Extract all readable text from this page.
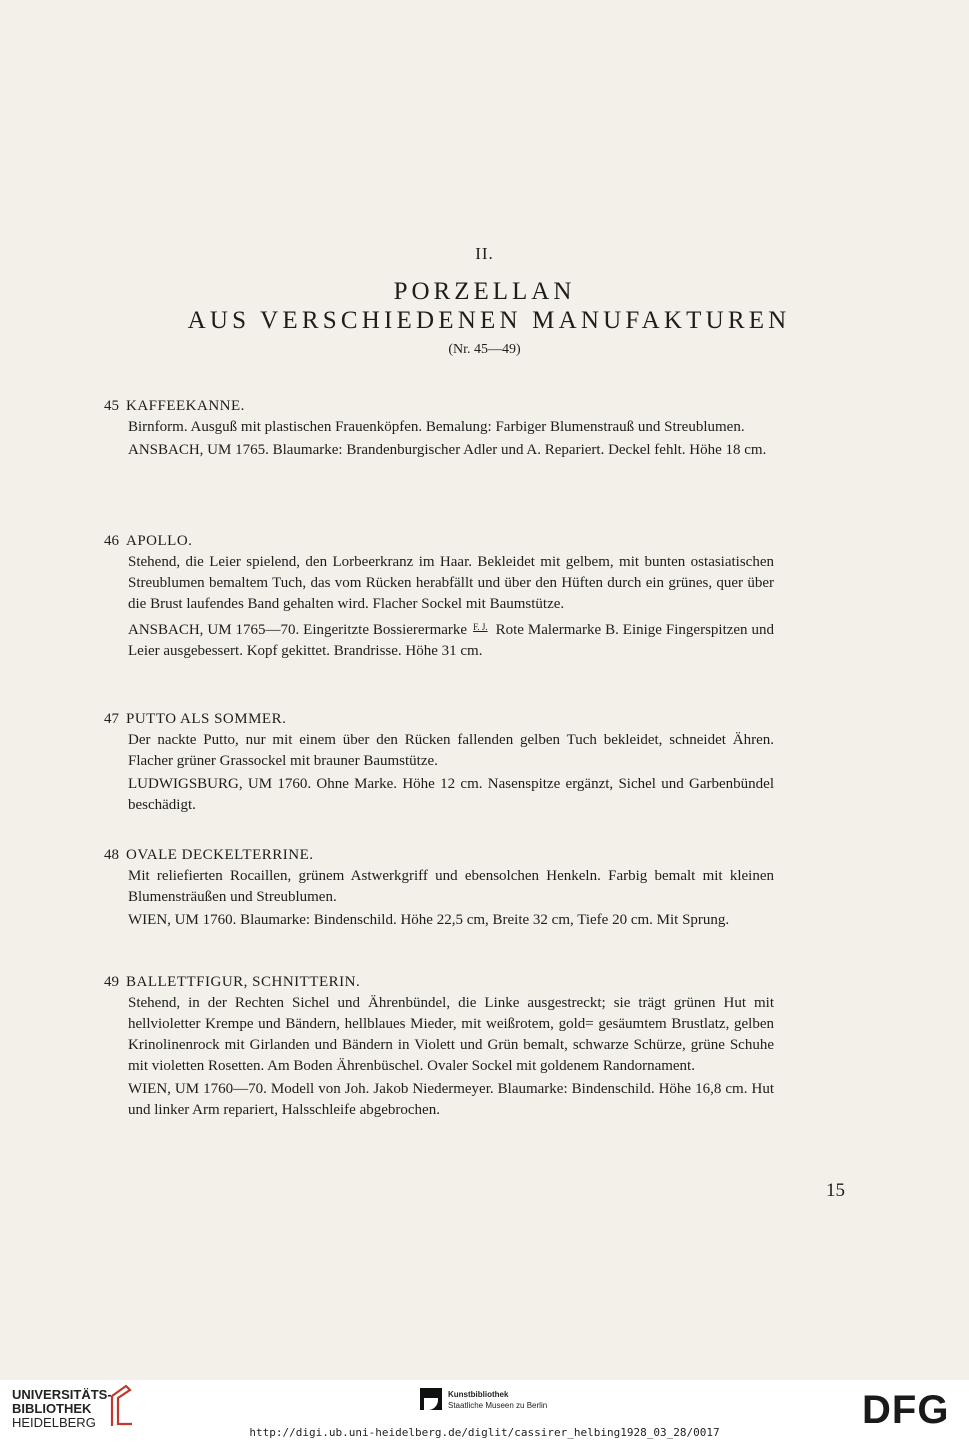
II.
PORZELLAN
AUS VERSCHIEDENEN MANUFAKTUREN
(Nr. 45—49)
45 KAFFEEKANNE.

Birnform. Ausguß mit plastischen Frauenköpfen. Bemalung: Farbiger Blumenstrauß und Streublumen.

ANSBACH, UM 1765. Blaumarke: Brandenburgischer Adler und A. Repariert. Deckel fehlt. Höhe 18 cm.

46 APOLLO.

Stehend, die Leier spielend, den Lorbeerkranz im Haar. Bekleidet mit gelbem, mit bunten ostasiatischen Streublumen bemaltem Tuch, das vom Rücken herabfällt und über den Hüften durch ein grünes, quer über die Brust laufendes Band gehalten wird. Flacher Sockel mit Baumstütze.

ANSBACH, UM 1765—70. Eingeritzte Bossierermarke F. J. Rote Malermarke B. Einige Fingerspitzen und Leier ausgebessert. Kopf gekittet. Brandrisse. Höhe 31 cm.

47 PUTTO ALS SOMMER.

Der nackte Putto, nur mit einem über den Rücken fallenden gelben Tuch bekleidet, schneidet Ähren. Flacher grüner Grassockel mit brauner Baumstütze.

LUDWIGSBURG, UM 1760. Ohne Marke. Höhe 12 cm. Nasenspitze ergänzt, Sichel und Garbenbündel beschädigt.

48 OVALE DECKELTERRINE.

Mit reliefierten Rocaillen, grünem Astwerkgriff und ebensolchen Henkeln. Farbig bemalt mit kleinen Blumensträußen und Streublumen.

WIEN, UM 1760. Blaumarke: Bindenschild. Höhe 22,5 cm, Breite 32 cm, Tiefe 20 cm. Mit Sprung.

49 BALLETTFIGUR, SCHNITTERIN.

Stehend, in der Rechten Sichel und Ährenbündel, die Linke ausgestreckt; sie trägt grünen Hut mit hellvioletter Krempe und Bändern, hellblaues Mieder, mit weißrotem, gold= gesäumtem Brustlatz, gelben Krinolinenrock mit Girlanden und Bändern in Violett und Grün bemalt, schwarze Schürze, grüne Schuhe mit violetten Rosetten. Am Boden Ährenbüschel. Ovaler Sockel mit goldenem Randornament.

WIEN, UM 1760—70. Modell von Joh. Jakob Niedermeyer. Blaumarke: Bindenschild. Höhe 16,8 cm. Hut und linker Arm repariert, Halsschleife abgebrochen.

15
UNIVERSITÄTS-
BIBLIOTHEK
HEIDELBERG
Kunstbibliothek
Staatliche Museen zu Berlin	DFG
http://digi.ub.uni-heidelberg.de/diglit/cassirer_helbing1928_03_28/0017
